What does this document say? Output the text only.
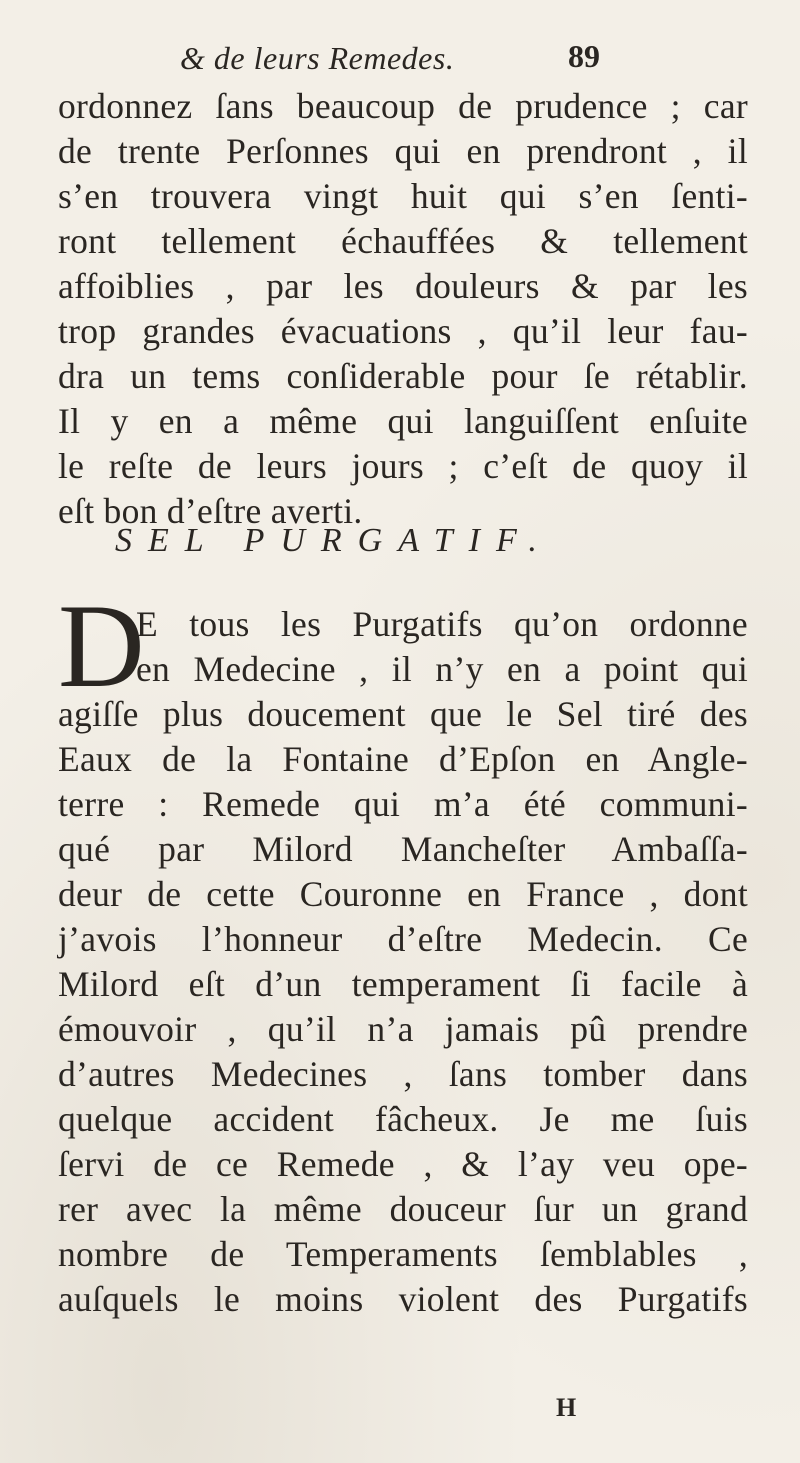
& de leurs Remedes.	89
ordonnez ſans beaucoup de prudence ; car
de trente Perſonnes qui en prendront , il
s’en trouvera vingt huit qui s’en ſenti-
ront tellement échauffées & tellement
affoiblies , par les douleurs & par les
trop grandes évacuations , qu’il leur fau-
dra un tems conſiderable pour ſe rétablir.
Il y en a même qui languiſſent enſuite
le reſte de leurs jours ; c’eſt de quoy il
eſt bon d’eſtre averti.
SEL PURGATIF.
D
E tous les Purgatifs qu’on ordonne
en Medecine , il n’y en a point qui
agiſſe plus doucement que le Sel tiré des
Eaux de la Fontaine d’Epſon en Angle-
terre : Remede qui m’a été communi-
qué par Milord Mancheſter Ambaſſa-
deur de cette Couronne en France , dont
j’avois l’honneur d’eſtre Medecin. Ce
Milord eſt d’un temperament ſi facile à
émouvoir , qu’il n’a jamais pû prendre
d’autres Medecines , ſans tomber dans
quelque accident fâcheux. Je me ſuis
ſervi de ce Remede , & l’ay veu ope-
rer avec la même douceur ſur un grand
nombre de Temperaments ſemblables ,
auſquels le moins violent des Purgatifs
H
